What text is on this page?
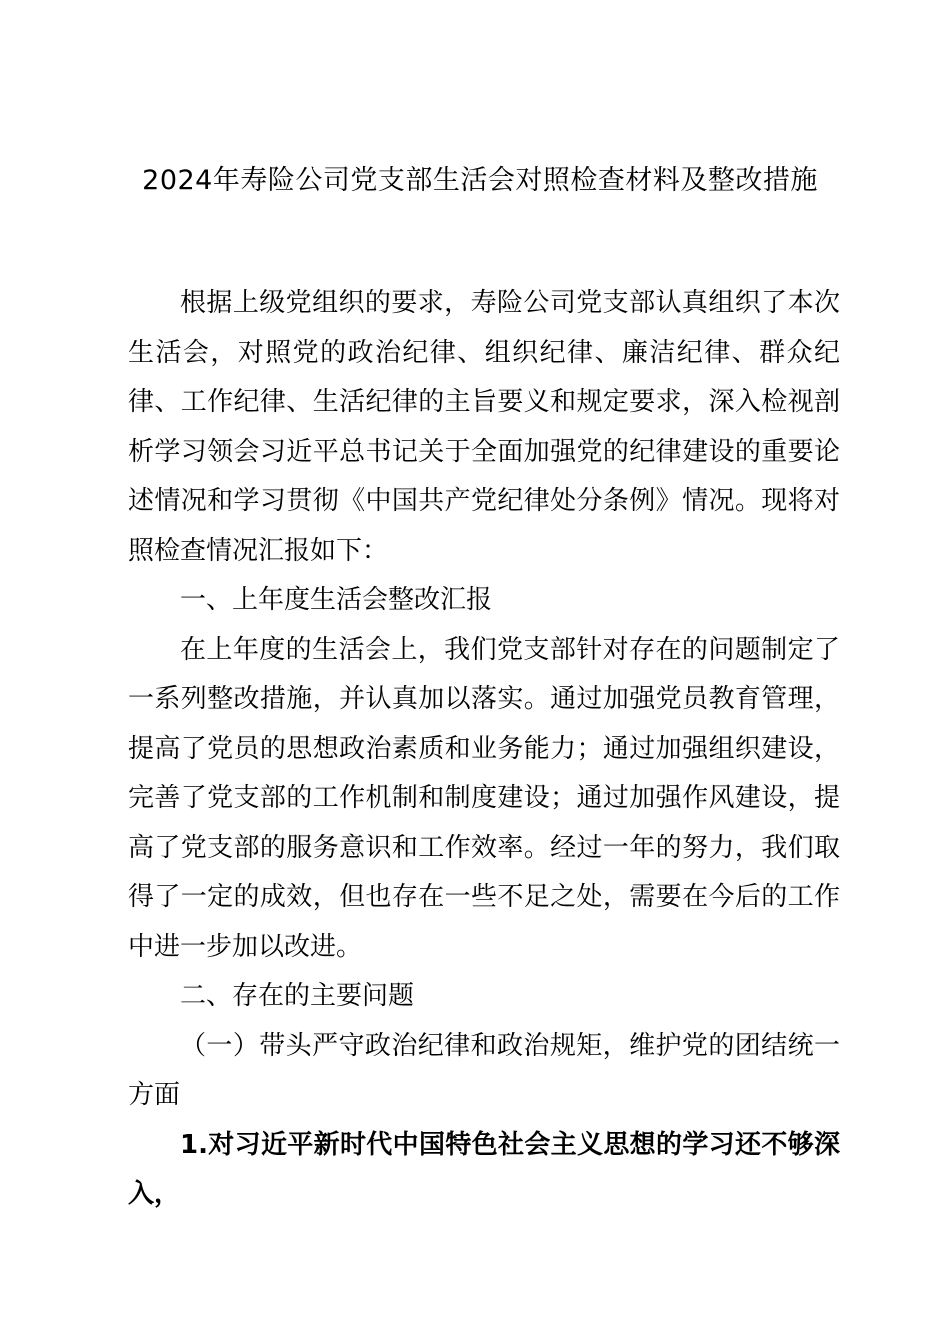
2024年寿险公司党支部生活会对照检查材料及整改措施

根据上级党组织的要求，寿险公司党支部认真组织了本次生活会，对照党的政治纪律、组织纪律、廉洁纪律、群众纪律、工作纪律、生活纪律的主旨要义和规定要求，深入检视剖析学习领会习近平总书记关于全面加强党的纪律建设的重要论述情况和学习贯彻《中国共产党纪律处分条例》情况。现将对照检查情况汇报如下：

一、上年度生活会整改汇报

在上年度的生活会上，我们党支部针对存在的问题制定了一系列整改措施，并认真加以落实。通过加强党员教育管理，提高了党员的思想政治素质和业务能力；通过加强组织建设，完善了党支部的工作机制和制度建设；通过加强作风建设，提高了党支部的服务意识和工作效率。经过一年的努力，我们取得了一定的成效，但也存在一些不足之处，需要在今后的工作中进一步加以改进。

二、存在的主要问题

（一）带头严守政治纪律和政治规矩，维护党的团结统一方面

1.对习近平新时代中国特色社会主义思想的学习还不够深入，
